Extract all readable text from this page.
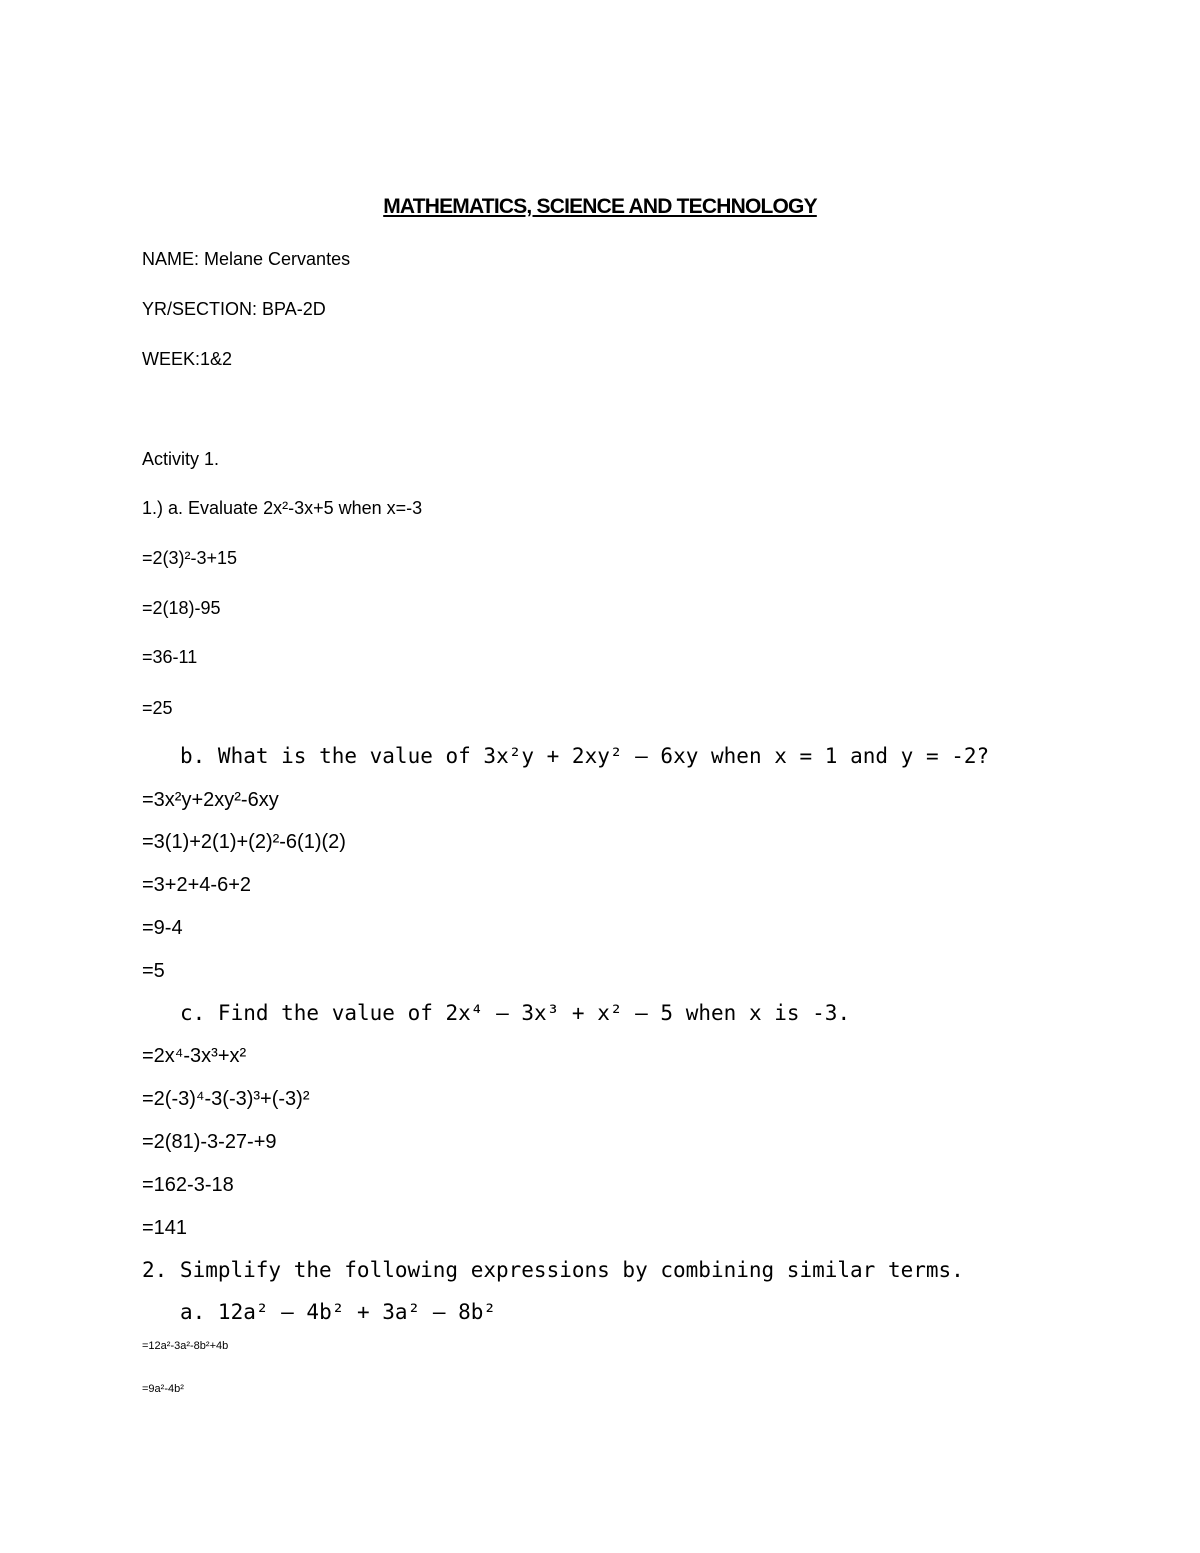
MATHEMATICS, SCIENCE AND TECHNOLOGY
NAME: Melane Cervantes
YR/SECTION: BPA-2D
WEEK:1&2
Activity 1.
1.) a. Evaluate 2x²-3x+5 when x=-3
=2(3)²-3+15
=2(18)-95
=36-11
=25
b. What is the value of 3x²y + 2xy² – 6xy when x = 1 and y = -2?
=3x²y+2xy²-6xy
=3(1)+2(1)+(2)²-6(1)(2)
=3+2+4-6+2
=9-4
=5
c. Find the value of 2x⁴ – 3x³ + x² – 5 when x is -3.
=2x⁴-3x³+x²
=2(-3)⁴-3(-3)³+(-3)²
=2(81)-3-27-+9
=162-3-18
=141
2. Simplify the following expressions by combining similar terms.
a. 12a² – 4b² + 3a² – 8b²
=12a²-3a²-8b²+4b
=9a²-4b²
